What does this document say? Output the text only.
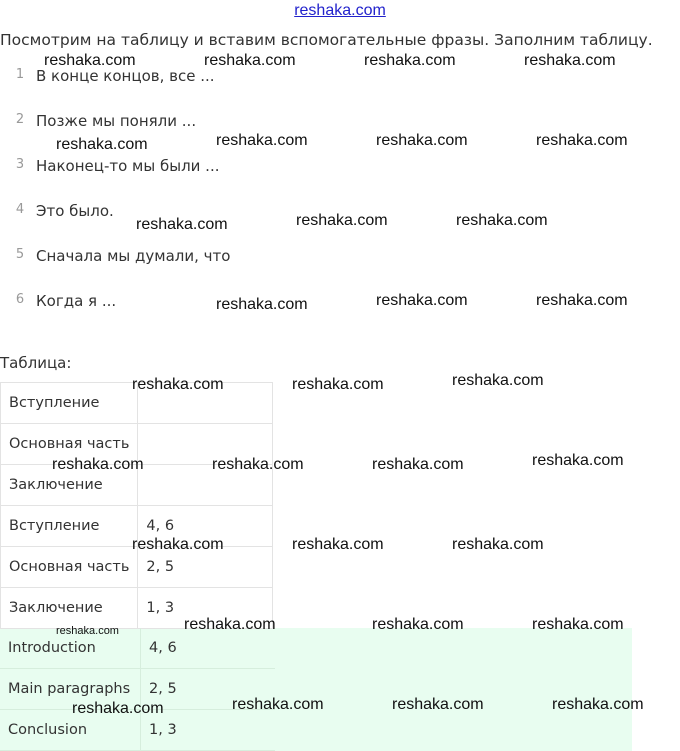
reshaka.com
Посмотрим на таблицу и вставим вспомогательные фразы. Заполним таблицу.
1 В конце концов, все ...
2 Позже мы поняли ...
3 Наконец-то мы были ...
4 Это было.
5 Сначала мы думали, что
6 Когда я ...
Таблица:
Вступление	
Основная часть	
Заключение	
Вступление	4, 6
Основная часть	2, 5
Заключение	1, 3
Introduction	4, 6
Main paragraphs	2, 5
Conclusion	1, 3
reshaka.com	reshaka.com	reshaka.com	reshaka.com
reshaka.com	reshaka.com	reshaka.com
reshaka.com
reshaka.com	reshaka.com
reshaka.com
reshaka.com	reshaka.com
reshaka.com
reshaka.com
reshaka.com	reshaka.com
reshaka.com
reshaka.com	reshaka.com	reshaka.com
reshaka.com	reshaka.com	reshaka.com
reshaka.com	reshaka.com	reshaka.com
reshaka.com
reshaka.com	reshaka.com	reshaka.com
reshaka.com
